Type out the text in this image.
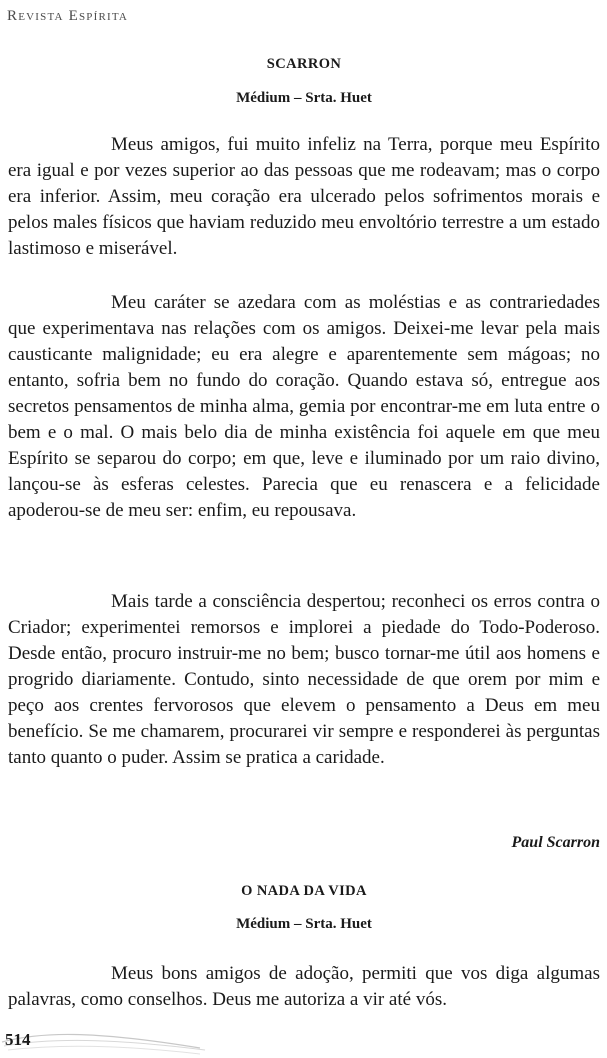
Revista Espírita
SCARRON
Médium – Srta. Huet

Meus amigos, fui muito infeliz na Terra, porque meu Espírito era igual e por vezes superior ao das pessoas que me rodeavam; mas o corpo era inferior. Assim, meu coração era ulcerado pelos sofrimentos morais e pelos males físicos que haviam reduzido meu envoltório terrestre a um estado lastimoso e miserável.

Meu caráter se azedara com as moléstias e as contrariedades que experimentava nas relações com os amigos. Deixei-me levar pela mais causticante malignidade; eu era alegre e aparentemente sem mágoas; no entanto, sofria bem no fundo do coração. Quando estava só, entregue aos secretos pensamentos de minha alma, gemia por encontrar-me em luta entre o bem e o mal. O mais belo dia de minha existência foi aquele em que meu Espírito se separou do corpo; em que, leve e iluminado por um raio divino, lançou-se às esferas celestes. Parecia que eu renascera e a felicidade apoderou-se de meu ser: enfim, eu repousava.

Mais tarde a consciência despertou; reconheci os erros contra o Criador; experimentei remorsos e implorei a piedade do Todo-Poderoso. Desde então, procuro instruir-me no bem; busco tornar-me útil aos homens e progrido diariamente. Contudo, sinto necessidade de que orem por mim e peço aos crentes fervorosos que elevem o pensamento a Deus em meu benefício. Se me chamarem, procurarei vir sempre e responderei às perguntas tanto quanto o puder. Assim se pratica a caridade.

Paul Scarron
O NADA DA VIDA
Médium – Srta. Huet

Meus bons amigos de adoção, permiti que vos diga algumas palavras, como conselhos. Deus me autoriza a vir até vós.

514
